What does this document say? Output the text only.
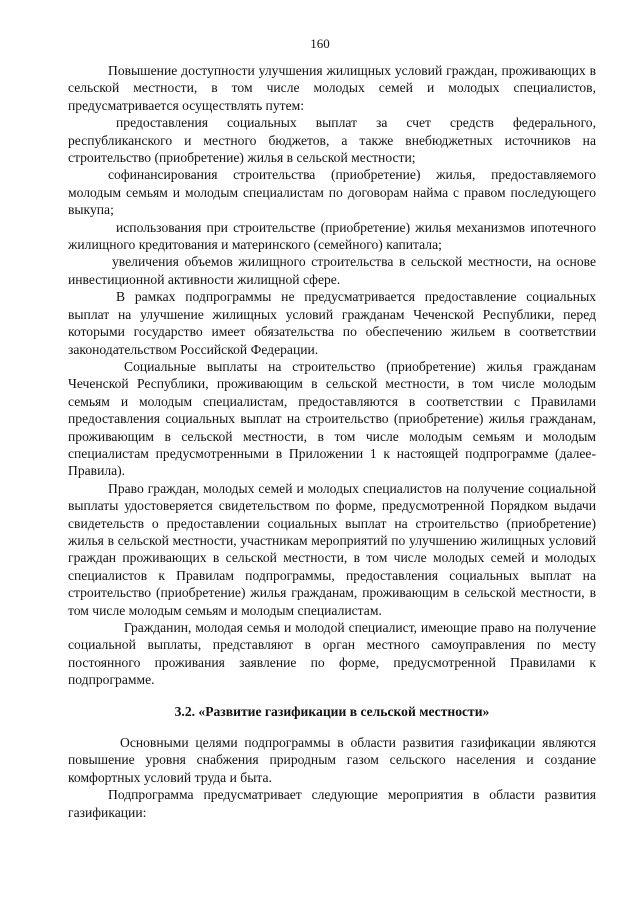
160

Повышение доступности улучшения жилищных условий граждан, проживающих в сельской местности, в том числе молодых семей и молодых специалистов, предусматривается осуществлять путем:

предоставления социальных выплат за счет средств федерального, республиканского и местного бюджетов, а также внебюджетных источников на строительство (приобретение) жилья в сельской местности;

софинансирования строительства (приобретение) жилья, предоставляемого молодым семьям и молодым специалистам по договорам найма с правом последующего выкупа;

использования при строительстве (приобретение) жилья механизмов ипотечного жилищного кредитования и материнского (семейного) капитала;

увеличения объемов жилищного строительства в сельской местности, на основе инвестиционной активности жилищной сфере.

В рамках подпрограммы не предусматривается предоставление социальных выплат на улучшение жилищных условий гражданам Чеченской Республики, перед которыми государство имеет обязательства по обеспечению жильем в соответствии законодательством Российской Федерации.

Социальные выплаты на строительство (приобретение) жилья гражданам Чеченской Республики, проживающим в сельской местности, в том числе молодым семьям и молодым специалистам, предоставляются в соответствии с Правилами предоставления социальных выплат на строительство (приобретение) жилья гражданам, проживающим в сельской местности, в том числе молодым семьям и молодым специалистам предусмотренными в Приложении 1 к настоящей подпрограмме (далее-Правила).

Право граждан, молодых семей и молодых специалистов на получение социальной выплаты удостоверяется свидетельством по форме, предусмотренной Порядком выдачи свидетельств о предоставлении социальных выплат на строительство (приобретение) жилья в сельской местности, участникам мероприятий по улучшению жилищных условий граждан проживающих в сельской местности, в том числе молодых семей и молодых специалистов к Правилам подпрограммы, предоставления социальных выплат на строительство (приобретение) жилья гражданам, проживающим в сельской местности, в том числе молодым семьям и молодым специалистам.

Гражданин, молодая семья и молодой специалист, имеющие право на получение социальной выплаты, представляют в орган местного самоуправления по месту постоянного проживания заявление по форме, предусмотренной Правилами к подпрограмме.

3.2. «Развитие газификации в сельской местности»

Основными целями подпрограммы в области развития газификации являются повышение уровня снабжения природным газом сельского населения и создание комфортных условий труда и быта.

Подпрограмма предусматривает следующие мероприятия в области развития газификации:
